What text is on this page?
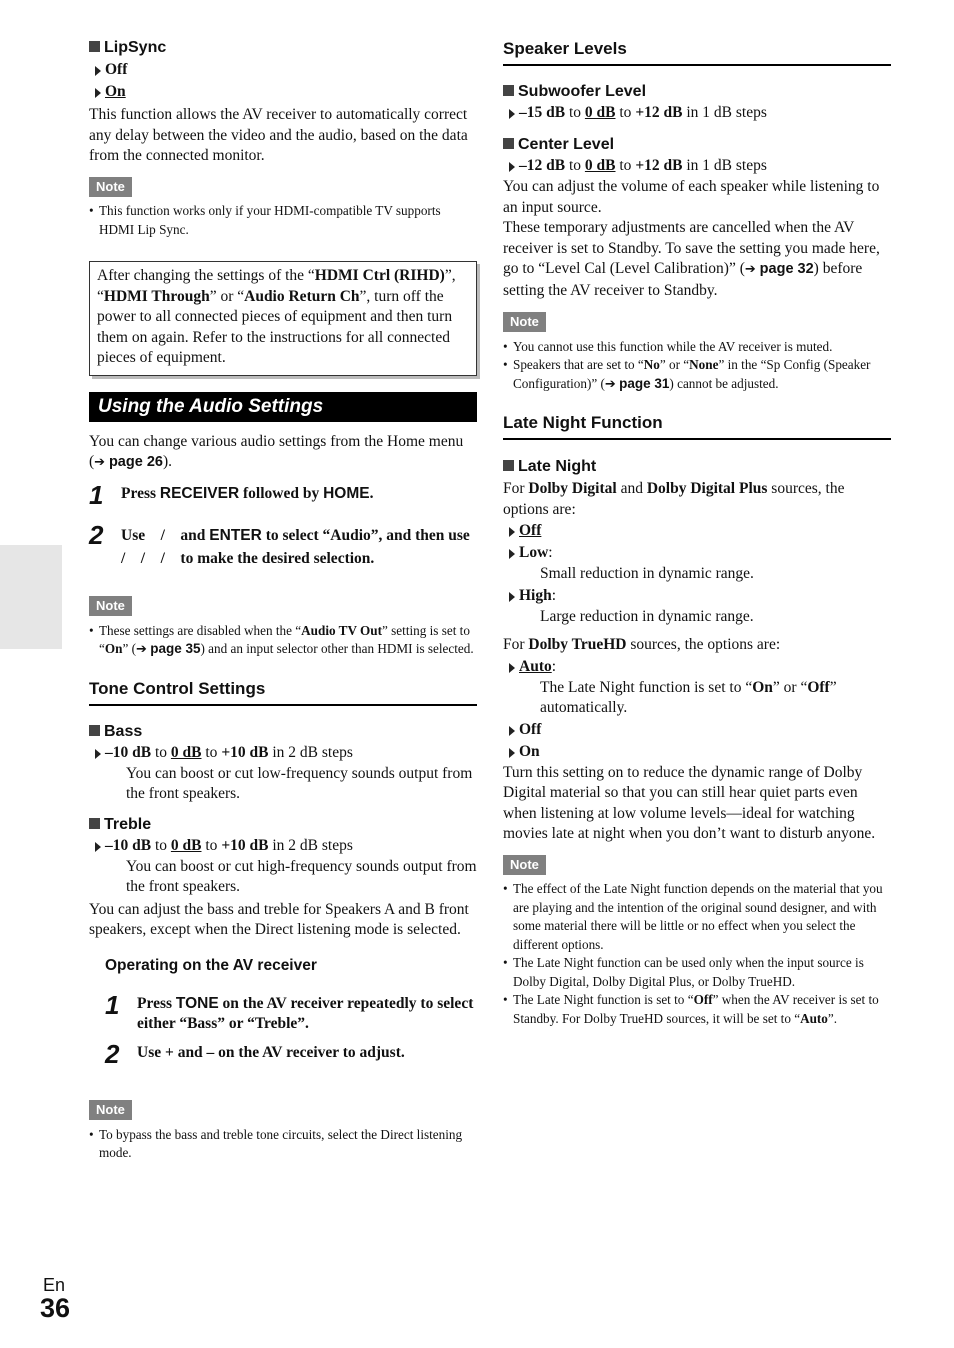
LipSync

Off

On

This function allows the AV receiver to automatically correct any delay between the video and the audio, based on the data from the connected monitor.

Note

• This function works only if your HDMI-compatible TV supports HDMI Lip Sync.

After changing the settings of the “HDMI Ctrl (RIHD)”, “HDMI Through” or “Audio Return Ch”, turn off the power to all connected pieces of equipment and then turn them on again. Refer to the instructions for all connected pieces of equipment.
Using the Audio Settings

You can change various audio settings from the Home menu (➔ page 26).

1 Press RECEIVER followed by HOME.
2 Use    /    and ENTER to select “Audio”, and then use    /    /    /    to make the desired selection.
Note

• These settings are disabled when the “Audio TV Out” setting is set to “On” (➔ page 35) and an input selector other than HDMI is selected.

Tone Control Settings

Bass

–10 dB to 0 dB to +10 dB in 2 dB steps

You can boost or cut low-frequency sounds output from the front speakers.

Treble

–10 dB to 0 dB to +10 dB in 2 dB steps

You can boost or cut high-frequency sounds output from the front speakers.

You can adjust the bass and treble for Speakers A and B front speakers, except when the Direct listening mode is selected.

Operating on the AV receiver

1 Press TONE on the AV receiver repeatedly to select either “Bass” or “Treble”.
2 Use + and – on the AV receiver to adjust.
Note

• To bypass the bass and treble tone circuits, select the Direct listening mode.

Speaker Levels

Subwoofer Level

–15 dB to 0 dB to +12 dB in 1 dB steps

Center Level

–12 dB to 0 dB to +12 dB in 1 dB steps

You can adjust the volume of each speaker while listening to an input source.

These temporary adjustments are cancelled when the AV receiver is set to Standby. To save the setting you made here, go to “Level Cal (Level Calibration)” (➔ page 32) before setting the AV receiver to Standby.

Note

• You cannot use this function while the AV receiver is muted.

• Speakers that are set to “No” or “None” in the “Sp Config (Speaker Configuration)” (➔ page 31) cannot be adjusted.

Late Night Function

Late Night

For Dolby Digital and Dolby Digital Plus sources, the options are:

Off

Low:

Small reduction in dynamic range.

High:

Large reduction in dynamic range.

For Dolby TrueHD sources, the options are:

Auto:

The Late Night function is set to “On” or “Off” automatically.

Off

On

Turn this setting on to reduce the dynamic range of Dolby Digital material so that you can still hear quiet parts even when listening at low volume levels—ideal for watching movies late at night when you don’t want to disturb anyone.

Note

• The effect of the Late Night function depends on the material that you are playing and the intention of the original sound designer, and with some material there will be little or no effect when you select the different options.

• The Late Night function can be used only when the input source is Dolby Digital, Dolby Digital Plus, or Dolby TrueHD.

• The Late Night function is set to “Off” when the AV receiver is set to Standby. For Dolby TrueHD sources, it will be set to “Auto”.

En
36
